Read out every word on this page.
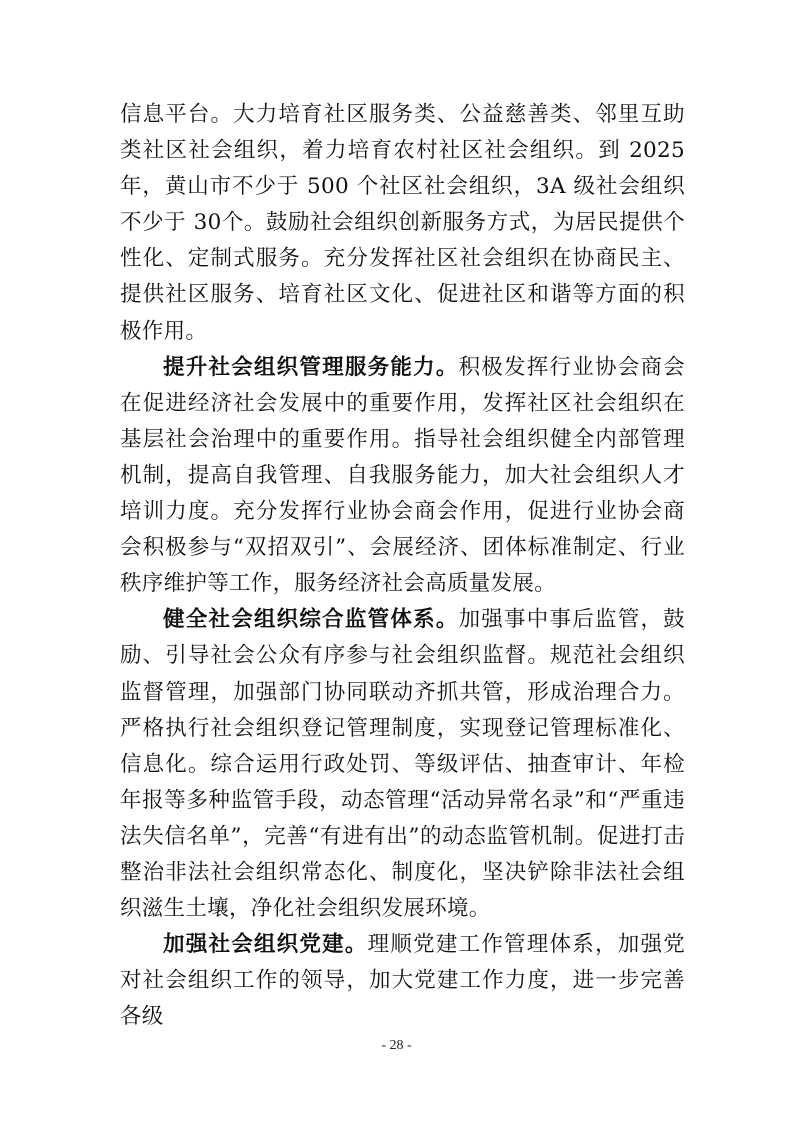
信息平台。大力培育社区服务类、公益慈善类、邻里互助类社区社会组织，着力培育农村社区社会组织。到 2025 年，黄山市不少于 500 个社区社会组织，3A 级社会组织不少于 30个。鼓励社会组织创新服务方式，为居民提供个性化、定制式服务。充分发挥社区社会组织在协商民主、提供社区服务、培育社区文化、促进社区和谐等方面的积极作用。

提升社会组织管理服务能力。积极发挥行业协会商会在促进经济社会发展中的重要作用，发挥社区社会组织在基层社会治理中的重要作用。指导社会组织健全内部管理机制，提高自我管理、自我服务能力，加大社会组织人才培训力度。充分发挥行业协会商会作用，促进行业协会商会积极参与“双招双引”、会展经济、团体标准制定、行业秩序维护等工作，服务经济社会高质量发展。

健全社会组织综合监管体系。加强事中事后监管，鼓励、引导社会公众有序参与社会组织监督。规范社会组织监督管理，加强部门协同联动齐抓共管，形成治理合力。严格执行社会组织登记管理制度，实现登记管理标准化、信息化。综合运用行政处罚、等级评估、抽查审计、年检年报等多种监管手段，动态管理“活动异常名录”和“严重违法失信名单”，完善“有进有出”的动态监管机制。促进打击整治非法社会组织常态化、制度化，坚决铲除非法社会组织滋生土壤，净化社会组织发展环境。

加强社会组织党建。理顺党建工作管理体系，加强党对社会组织工作的领导，加大党建工作力度，进一步完善各级

- 28 -
